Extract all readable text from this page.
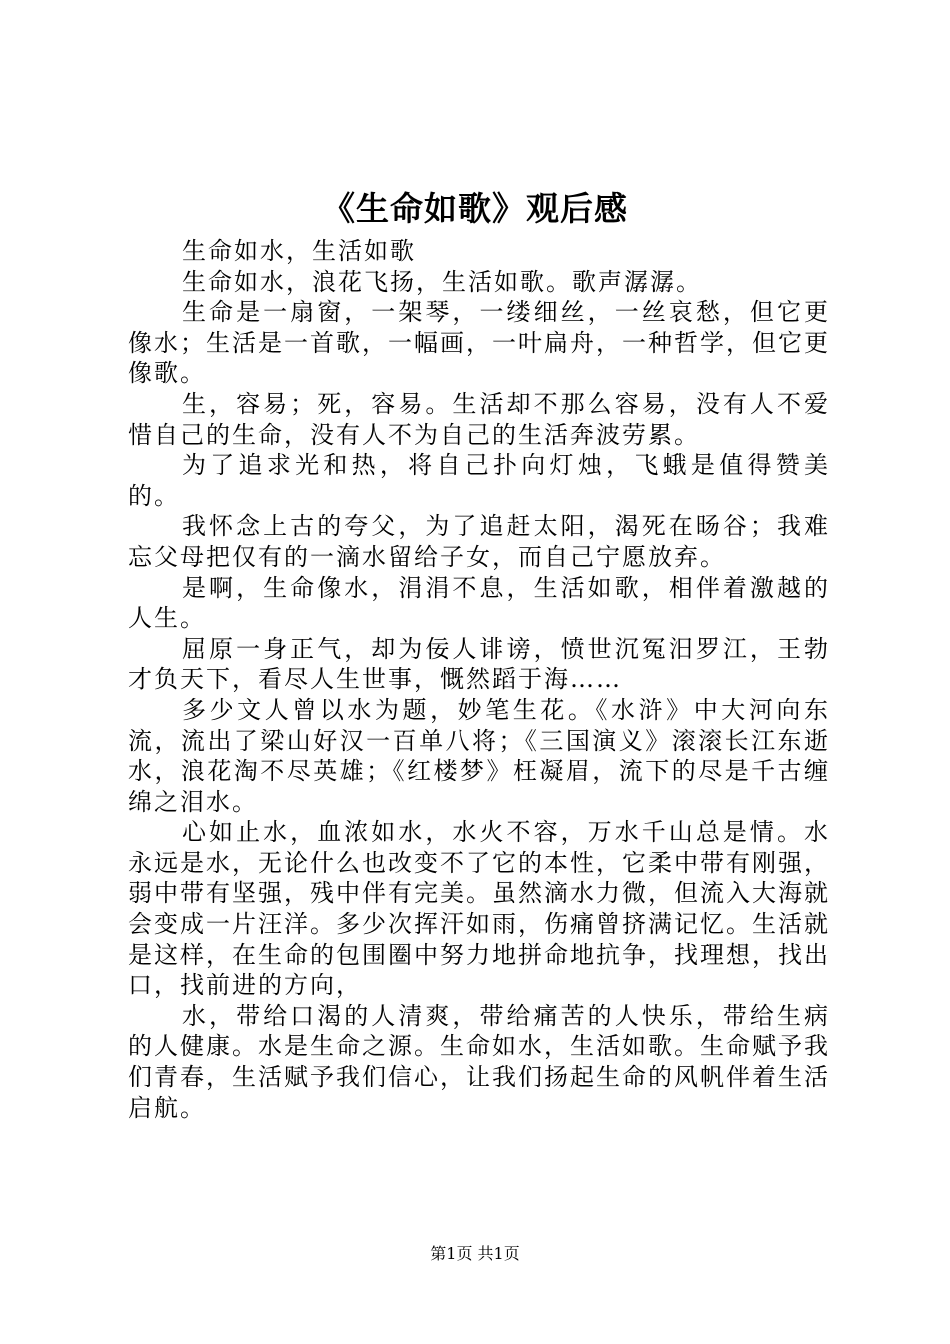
《生命如歌》观后感

生命如水，生活如歌

生命如水，浪花飞扬，生活如歌。歌声潺潺。

生命是一扇窗，一架琴，一缕细丝，一丝哀愁，但它更像水；生活是一首歌，一幅画，一叶扁舟，一种哲学，但它更像歌。

生，容易；死，容易。生活却不那么容易，没有人不爱惜自己的生命，没有人不为自己的生活奔波劳累。

为了追求光和热，将自己扑向灯烛，飞蛾是值得赞美的。

我怀念上古的夸父，为了追赶太阳，渴死在旸谷；我难忘父母把仅有的一滴水留给子女，而自己宁愿放弃。

是啊，生命像水，涓涓不息，生活如歌，相伴着激越的人生。

屈原一身正气，却为佞人诽谤，愤世沉冤汨罗江，王勃才负天下，看尽人生世事，慨然蹈于海……

多少文人曾以水为题，妙笔生花。《水浒》中大河向东流，流出了梁山好汉一百单八将；《三国演义》滚滚长江东逝水，浪花淘不尽英雄；《红楼梦》枉凝眉，流下的尽是千古缠绵之泪水。

心如止水，血浓如水，水火不容，万水千山总是情。水永远是水，无论什么也改变不了它的本性，它柔中带有刚强，弱中带有坚强，残中伴有完美。虽然滴水力微，但流入大海就会变成一片汪洋。多少次挥汗如雨，伤痛曾挤满记忆。生活就是这样，在生命的包围圈中努力地拼命地抗争，找理想，找出口，找前进的方向，

水，带给口渴的人清爽，带给痛苦的人快乐，带给生病的人健康。水是生命之源。生命如水，生活如歌。生命赋予我们青春，生活赋予我们信心，让我们扬起生命的风帆伴着生活启航。

第1页 共1页
